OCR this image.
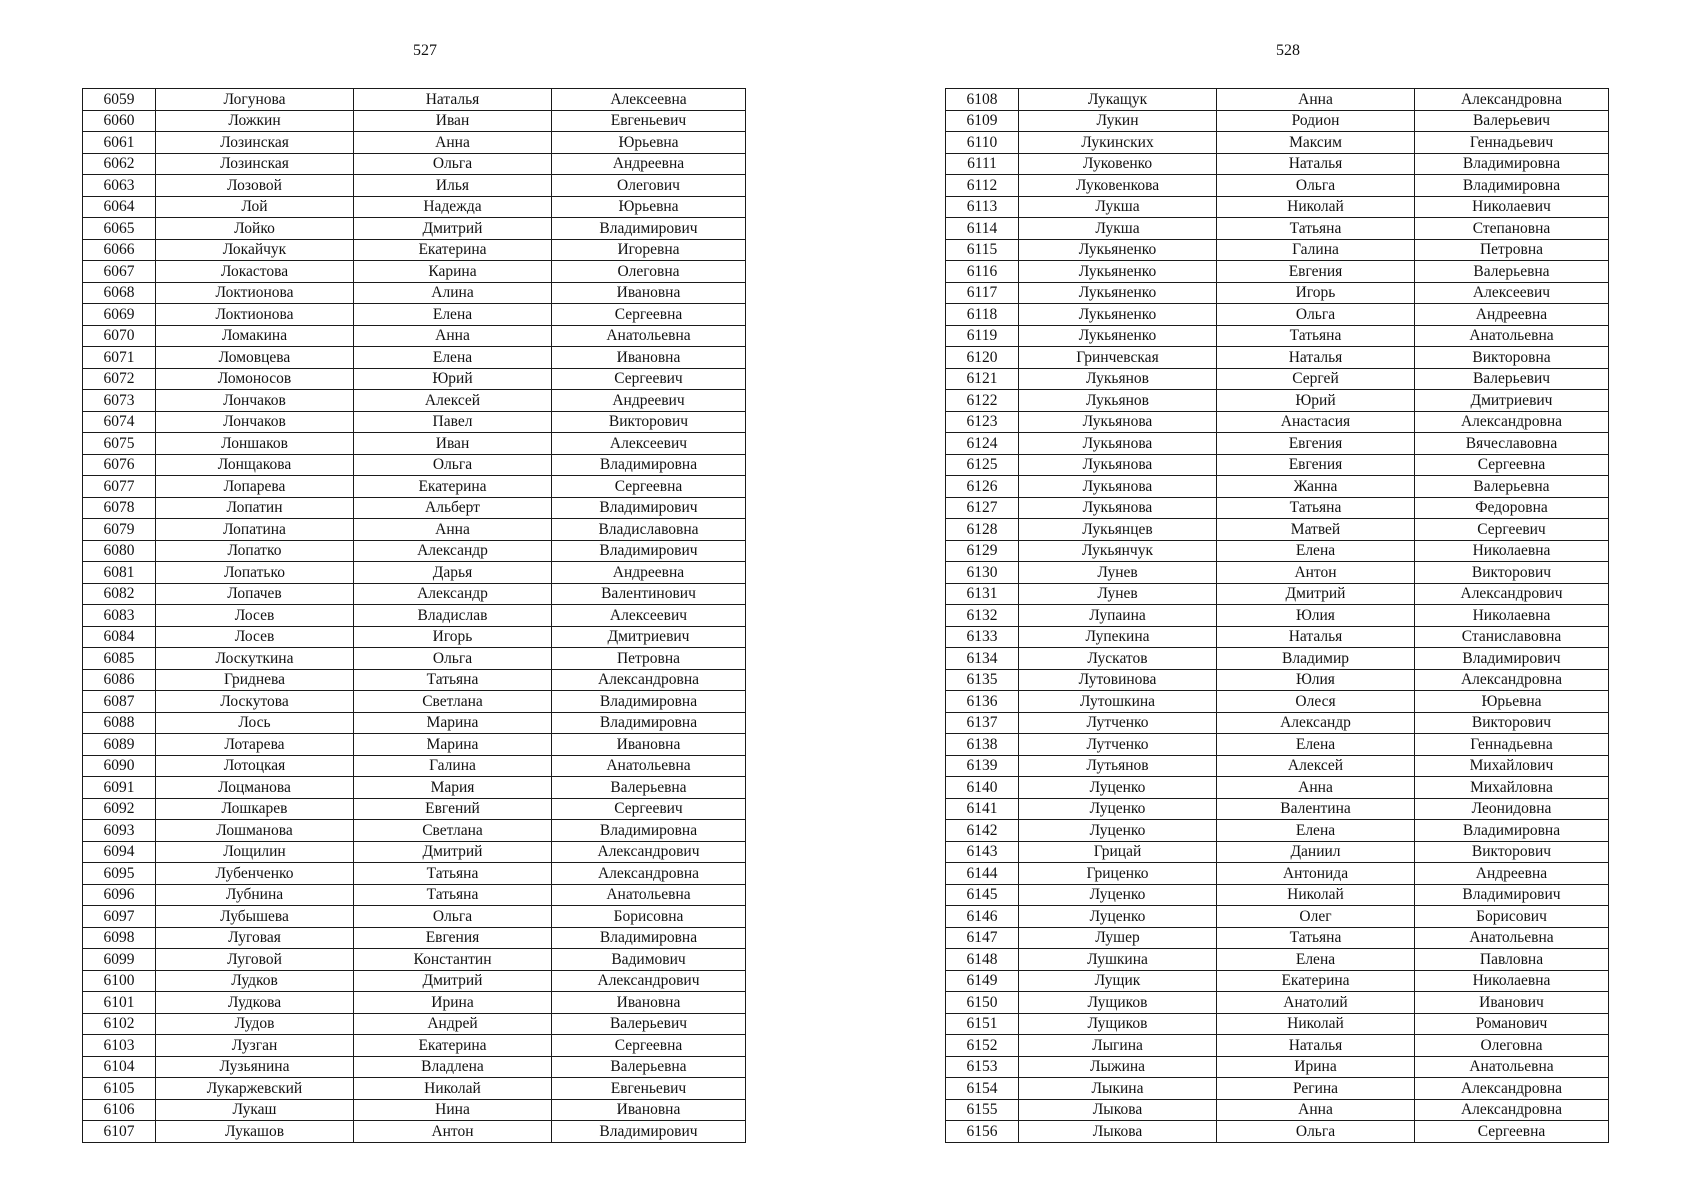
527
6059	Логунова	Наталья	Алексеевна
6060	Ложкин	Иван	Евгеньевич
6061	Лозинская	Анна	Юрьевна
6062	Лозинская	Ольга	Андреевна
6063	Лозовой	Илья	Олегович
6064	Лой	Надежда	Юрьевна
6065	Лойко	Дмитрий	Владимирович
6066	Локайчук	Екатерина	Игоревна
6067	Локастова	Карина	Олеговна
6068	Локтионова	Алина	Ивановна
6069	Локтионова	Елена	Сергеевна
6070	Ломакина	Анна	Анатольевна
6071	Ломовцева	Елена	Ивановна
6072	Ломоносов	Юрий	Сергеевич
6073	Лончаков	Алексей	Андреевич
6074	Лончаков	Павел	Викторович
6075	Лоншаков	Иван	Алексеевич
6076	Лонщакова	Ольга	Владимировна
6077	Лопарева	Екатерина	Сергеевна
6078	Лопатин	Альберт	Владимирович
6079	Лопатина	Анна	Владиславовна
6080	Лопатко	Александр	Владимирович
6081	Лопатько	Дарья	Андреевна
6082	Лопачев	Александр	Валентинович
6083	Лосев	Владислав	Алексеевич
6084	Лосев	Игорь	Дмитриевич
6085	Лоскуткина	Ольга	Петровна
6086	Гриднева	Татьяна	Александровна
6087	Лоскутова	Светлана	Владимировна
6088	Лось	Марина	Владимировна
6089	Лотарева	Марина	Ивановна
6090	Лотоцкая	Галина	Анатольевна
6091	Лоцманова	Мария	Валерьевна
6092	Лошкарев	Евгений	Сергеевич
6093	Лошманова	Светлана	Владимировна
6094	Лощилин	Дмитрий	Александрович
6095	Лубенченко	Татьяна	Александровна
6096	Лубнина	Татьяна	Анатольевна
6097	Лубышева	Ольга	Борисовна
6098	Луговая	Евгения	Владимировна
6099	Луговой	Константин	Вадимович
6100	Лудков	Дмитрий	Александрович
6101	Лудкова	Ирина	Ивановна
6102	Лудов	Андрей	Валерьевич
6103	Лузган	Екатерина	Сергеевна
6104	Лузьянина	Владлена	Валерьевна
6105	Лукаржевский	Николай	Евгеньевич
6106	Лукаш	Нина	Ивановна
6107	Лукашов	Антон	Владимирович
528
6108	Лукащук	Анна	Александровна
6109	Лукин	Родион	Валерьевич
6110	Лукинских	Максим	Геннадьевич
6111	Луковенко	Наталья	Владимировна
6112	Луковенкова	Ольга	Владимировна
6113	Лукша	Николай	Николаевич
6114	Лукша	Татьяна	Степановна
6115	Лукьяненко	Галина	Петровна
6116	Лукьяненко	Евгения	Валерьевна
6117	Лукьяненко	Игорь	Алексеевич
6118	Лукьяненко	Ольга	Андреевна
6119	Лукьяненко	Татьяна	Анатольевна
6120	Гринчевская	Наталья	Викторовна
6121	Лукьянов	Сергей	Валерьевич
6122	Лукьянов	Юрий	Дмитриевич
6123	Лукьянова	Анастасия	Александровна
6124	Лукьянова	Евгения	Вячеславовна
6125	Лукьянова	Евгения	Сергеевна
6126	Лукьянова	Жанна	Валерьевна
6127	Лукьянова	Татьяна	Федоровна
6128	Лукьянцев	Матвей	Сергеевич
6129	Лукьянчук	Елена	Николаевна
6130	Лунев	Антон	Викторович
6131	Лунев	Дмитрий	Александрович
6132	Лупаина	Юлия	Николаевна
6133	Лупекина	Наталья	Станиславовна
6134	Лускатов	Владимир	Владимирович
6135	Лутовинова	Юлия	Александровна
6136	Лутошкина	Олеся	Юрьевна
6137	Лутченко	Александр	Викторович
6138	Лутченко	Елена	Геннадьевна
6139	Лутьянов	Алексей	Михайлович
6140	Луценко	Анна	Михайловна
6141	Луценко	Валентина	Леонидовна
6142	Луценко	Елена	Владимировна
6143	Грицай	Даниил	Викторович
6144	Гриценко	Антонида	Андреевна
6145	Луценко	Николай	Владимирович
6146	Луценко	Олег	Борисович
6147	Лушер	Татьяна	Анатольевна
6148	Лушкина	Елена	Павловна
6149	Лущик	Екатерина	Николаевна
6150	Лущиков	Анатолий	Иванович
6151	Лущиков	Николай	Романович
6152	Лыгина	Наталья	Олеговна
6153	Лыжина	Ирина	Анатольевна
6154	Лыкина	Регина	Александровна
6155	Лыкова	Анна	Александровна
6156	Лыкова	Ольга	Сергеевна
